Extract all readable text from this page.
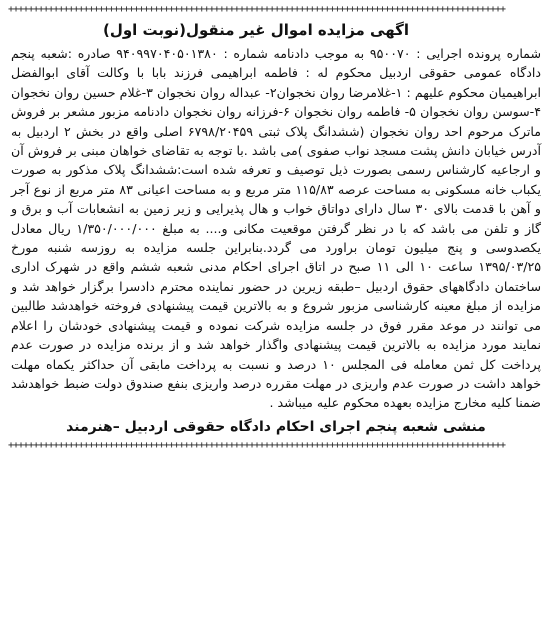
+++++++++++++++++++++++++++++++++++++++++++++++++++++++++++++++++++++++++++++++++++++++++++++++++++
اگهی مزایده اموال غیر منقول(نوبت اول)

شماره پرونده اجرایی : ۹۵۰۰۷۰ به موجب دادنامه شماره : ۹۴۰۹۹۷۰۴۰۵۰۱۳۸۰ صادره :شعبه پنجم دادگاه عمومی حقوقی اردبیل محکوم له : فاطمه ابراهیمی فرزند بابا با وکالت آقای ابوالفضل ابراهیمیان محکوم علیهم : ۱-غلامرضا روان نخجوان۲- عبداله روان نخجوان ۳-غلام حسین روان نخجوان ۴-سوسن روان نخجوان ۵- فاطمه روان نخجوان ۶-فرزانه روان نخجوان دادنامه مزبور مشعر بر فروش ماترک مرحوم احد روان نخجوان (ششدانگ پلاک ثبتی ۶۷۹۸/۲۰۴۵۹ اصلی واقع در بخش ۲ اردبیل به آدرس خیابان دانش پشت مسجد نواب صفوی )می باشد .با توجه به تقاضای خواهان مبنی بر فروش آن و ارجاعیه کارشناس رسمی بصورت ذیل توصیف و تعرفه شده است:ششدانگ پلاک مذکور به صورت یکباب خانه مسکونی به مساحت عرصه ۱۱۵/۸۳ متر مربع و به مساحت اعیانی ۸۳ متر مربع از نوع آجر و آهن با قدمت بالای ۳۰ سال دارای دواتاق خواب و هال پذیرایی و زیر زمین به انشعابات آب و برق و گاز و تلفن می باشد که با در نظر گرفتن موقعیت مکانی و.... به مبلغ ۱/۳۵۰/۰۰۰/۰۰۰ ریال معادل یکصدوسی و پنج میلیون تومان براورد می گردد.بنابراین جلسه مزایده به روزسه شنبه مورخ ۱۳۹۵/۰۳/۲۵ ساعت ۱۰ الی ۱۱ صبح در اتاق اجرای احکام مدنی شعبه ششم واقع در شهرک اداری ساختمان دادگاههای حقوق اردبیل –طبقه زیرین در حضور نماینده محترم دادسرا برگزار خواهد شد و مزایده از مبلغ معینه کارشناسی مزبور شروع و به بالاترین قیمت پیشنهادی فروخته خواهدشد طالبین می توانند در موعد مقرر فوق در جلسه مزایده شرکت نموده و قیمت پیشنهادی خودشان را اعلام نمایند مورد مزایده به بالاترین قیمت پیشنهادی واگذار خواهد شد و از برنده مزایده در صورت عدم پرداخت کل ثمن معامله فی المجلس ۱۰ درصد و نسبت به پرداخت مابقی آن حداکثر یکماه مهلت خواهد داشت در صورت عدم واریزی در مهلت مقرره درصد واریزی بنفع صندوق دولت ضبط خواهدشد ضمنا کلیه مخارج مزایده بعهده محکوم علیه میباشد .

منشی شعبه پنجم اجرای احکام دادگاه حقوقی اردبیل –هنرمند
+++++++++++++++++++++++++++++++++++++++++++++++++++++++++++++++++++++++++++++++++++++++++++++++++++
